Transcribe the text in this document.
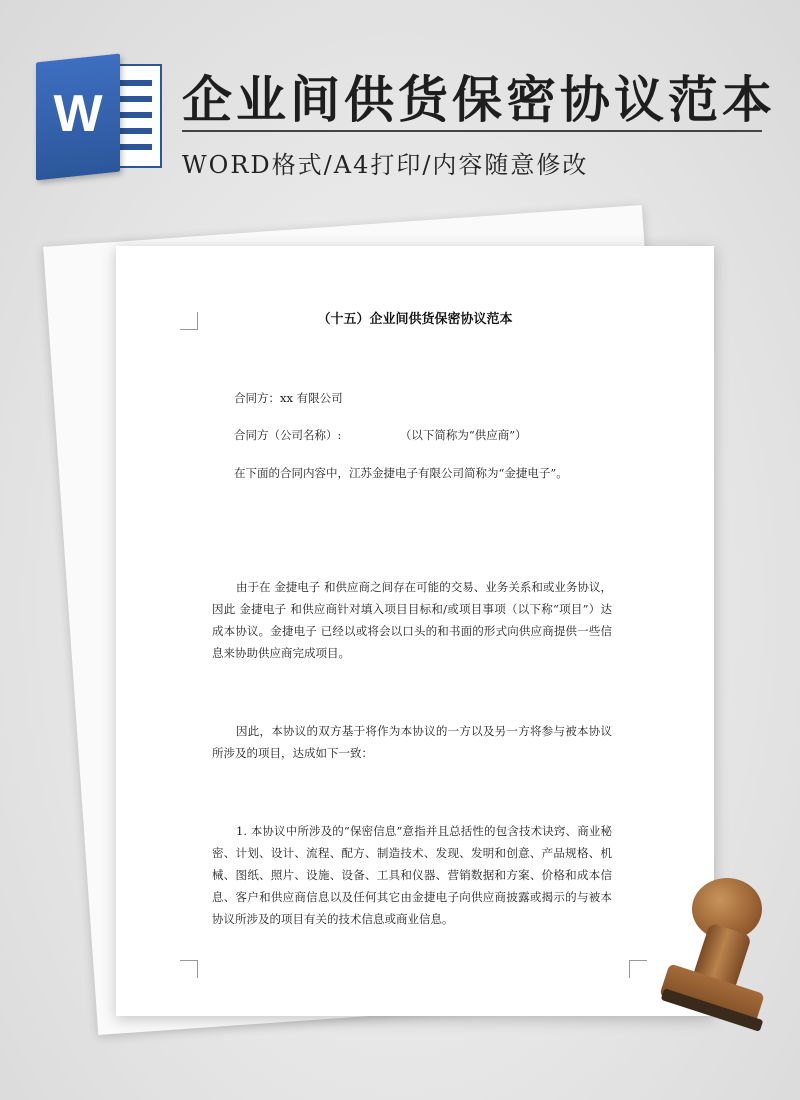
W	企业间供货保密协议范本
WORD格式/A4打印/内容随意修改
（十五）企业间供货保密协议范本
合同方：xx 有限公司
合同方（公司名称）:                （以下简称为“供应商”）
在下面的合同内容中，江苏金捷电子有限公司简称为“金捷电子”。
由于在 金捷电子 和供应商之间存在可能的交易、业务关系和或业务协议，因此 金捷电子 和供应商针对填入项目目标和/或项目事项（以下称“项目”）达成本协议。金捷电子 已经以或将会以口头的和书面的形式向供应商提供一些信息来协助供应商完成项目。
因此，本协议的双方基于将作为本协议的一方以及另一方将参与被本协议所涉及的项目，达成如下一致：
1. 本协议中所涉及的“保密信息”意指并且总括性的包含技术诀窍、商业秘密、计划、设计、流程、配方、制造技术、发现、发明和创意、产品规格、机械、图纸、照片、设施、设备、工具和仪器、营销数据和方案、价格和成本信息、客户和供应商信息以及任何其它由金捷电子向供应商披露或揭示的与被本协议所涉及的项目有关的技术信息或商业信息。
